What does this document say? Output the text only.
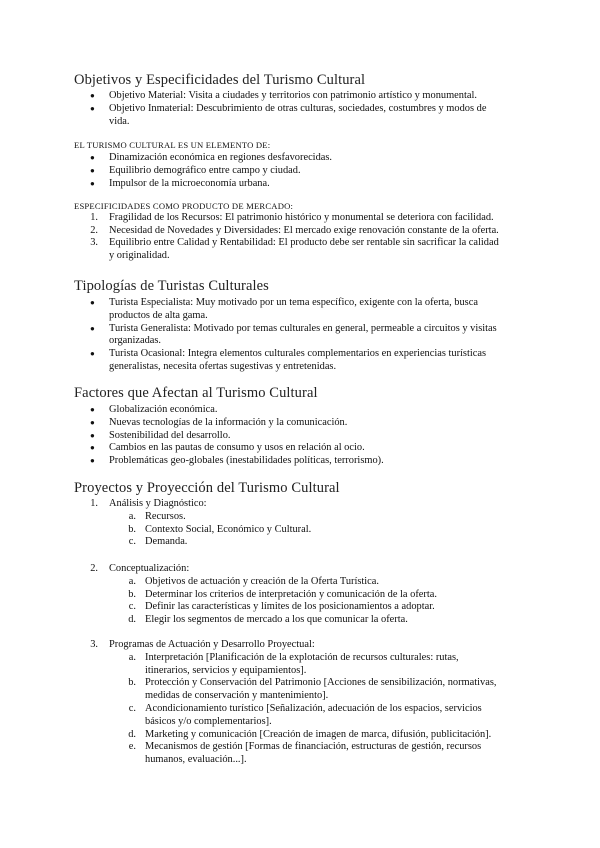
Objetivos y Especificidades del Turismo Cultural
● Objetivo Material: Visita a ciudades y territorios con patrimonio artístico y monumental.
● Objetivo Inmaterial: Descubrimiento de otras culturas, sociedades, costumbres y modos de
vida.
EL TURISMO CULTURAL ES UN ELEMENTO DE:
● Dinamización económica en regiones desfavorecidas.
● Equilibrio demográfico entre campo y ciudad.
● Impulsor de la microeconomía urbana.
ESPECIFICIDADES COMO PRODUCTO DE MERCADO:
1. Fragilidad de los Recursos: El patrimonio histórico y monumental se deteriora con facilidad.
2. Necesidad de Novedades y Diversidades: El mercado exige renovación constante de la oferta.
3. Equilibrio entre Calidad y Rentabilidad: El producto debe ser rentable sin sacrificar la calidad
y originalidad.
Tipologías de Turistas Culturales
● Turista Especialista: Muy motivado por un tema específico, exigente con la oferta, busca
productos de alta gama.
● Turista Generalista: Motivado por temas culturales en general, permeable a circuitos y visitas
organizadas.
● Turista Ocasional: Integra elementos culturales complementarios en experiencias turísticas
generalistas, necesita ofertas sugestivas y entretenidas.
Factores que Afectan al Turismo Cultural
● Globalización económica.
● Nuevas tecnologías de la información y la comunicación.
● Sostenibilidad del desarrollo.
● Cambios en las pautas de consumo y usos en relación al ocio.
● Problemáticas geo-globales (inestabilidades políticas, terrorismo).
Proyectos y Proyección del Turismo Cultural
1. Análisis y Diagnóstico:
a. Recursos.
b. Contexto Social, Económico y Cultural.
c. Demanda.
2. Conceptualización:
a. Objetivos de actuación y creación de la Oferta Turística.
b. Determinar los criterios de interpretación y comunicación de la oferta.
c. Definir las características y límites de los posicionamientos a adoptar.
d. Elegir los segmentos de mercado a los que comunicar la oferta.
3. Programas de Actuación y Desarrollo Proyectual:
a. Interpretación [Planificación de la explotación de recursos culturales: rutas,
itinerarios, servicios y equipamientos].
b. Protección y Conservación del Patrimonio [Acciones de sensibilización, normativas,
medidas de conservación y mantenimiento].
c. Acondicionamiento turístico [Señalización, adecuación de los espacios, servicios
básicos y/o complementarios].
d. Marketing y comunicación [Creación de imagen de marca, difusión, publicitación].
e. Mecanismos de gestión [Formas de financiación, estructuras de gestión, recursos
humanos, evaluación...].
